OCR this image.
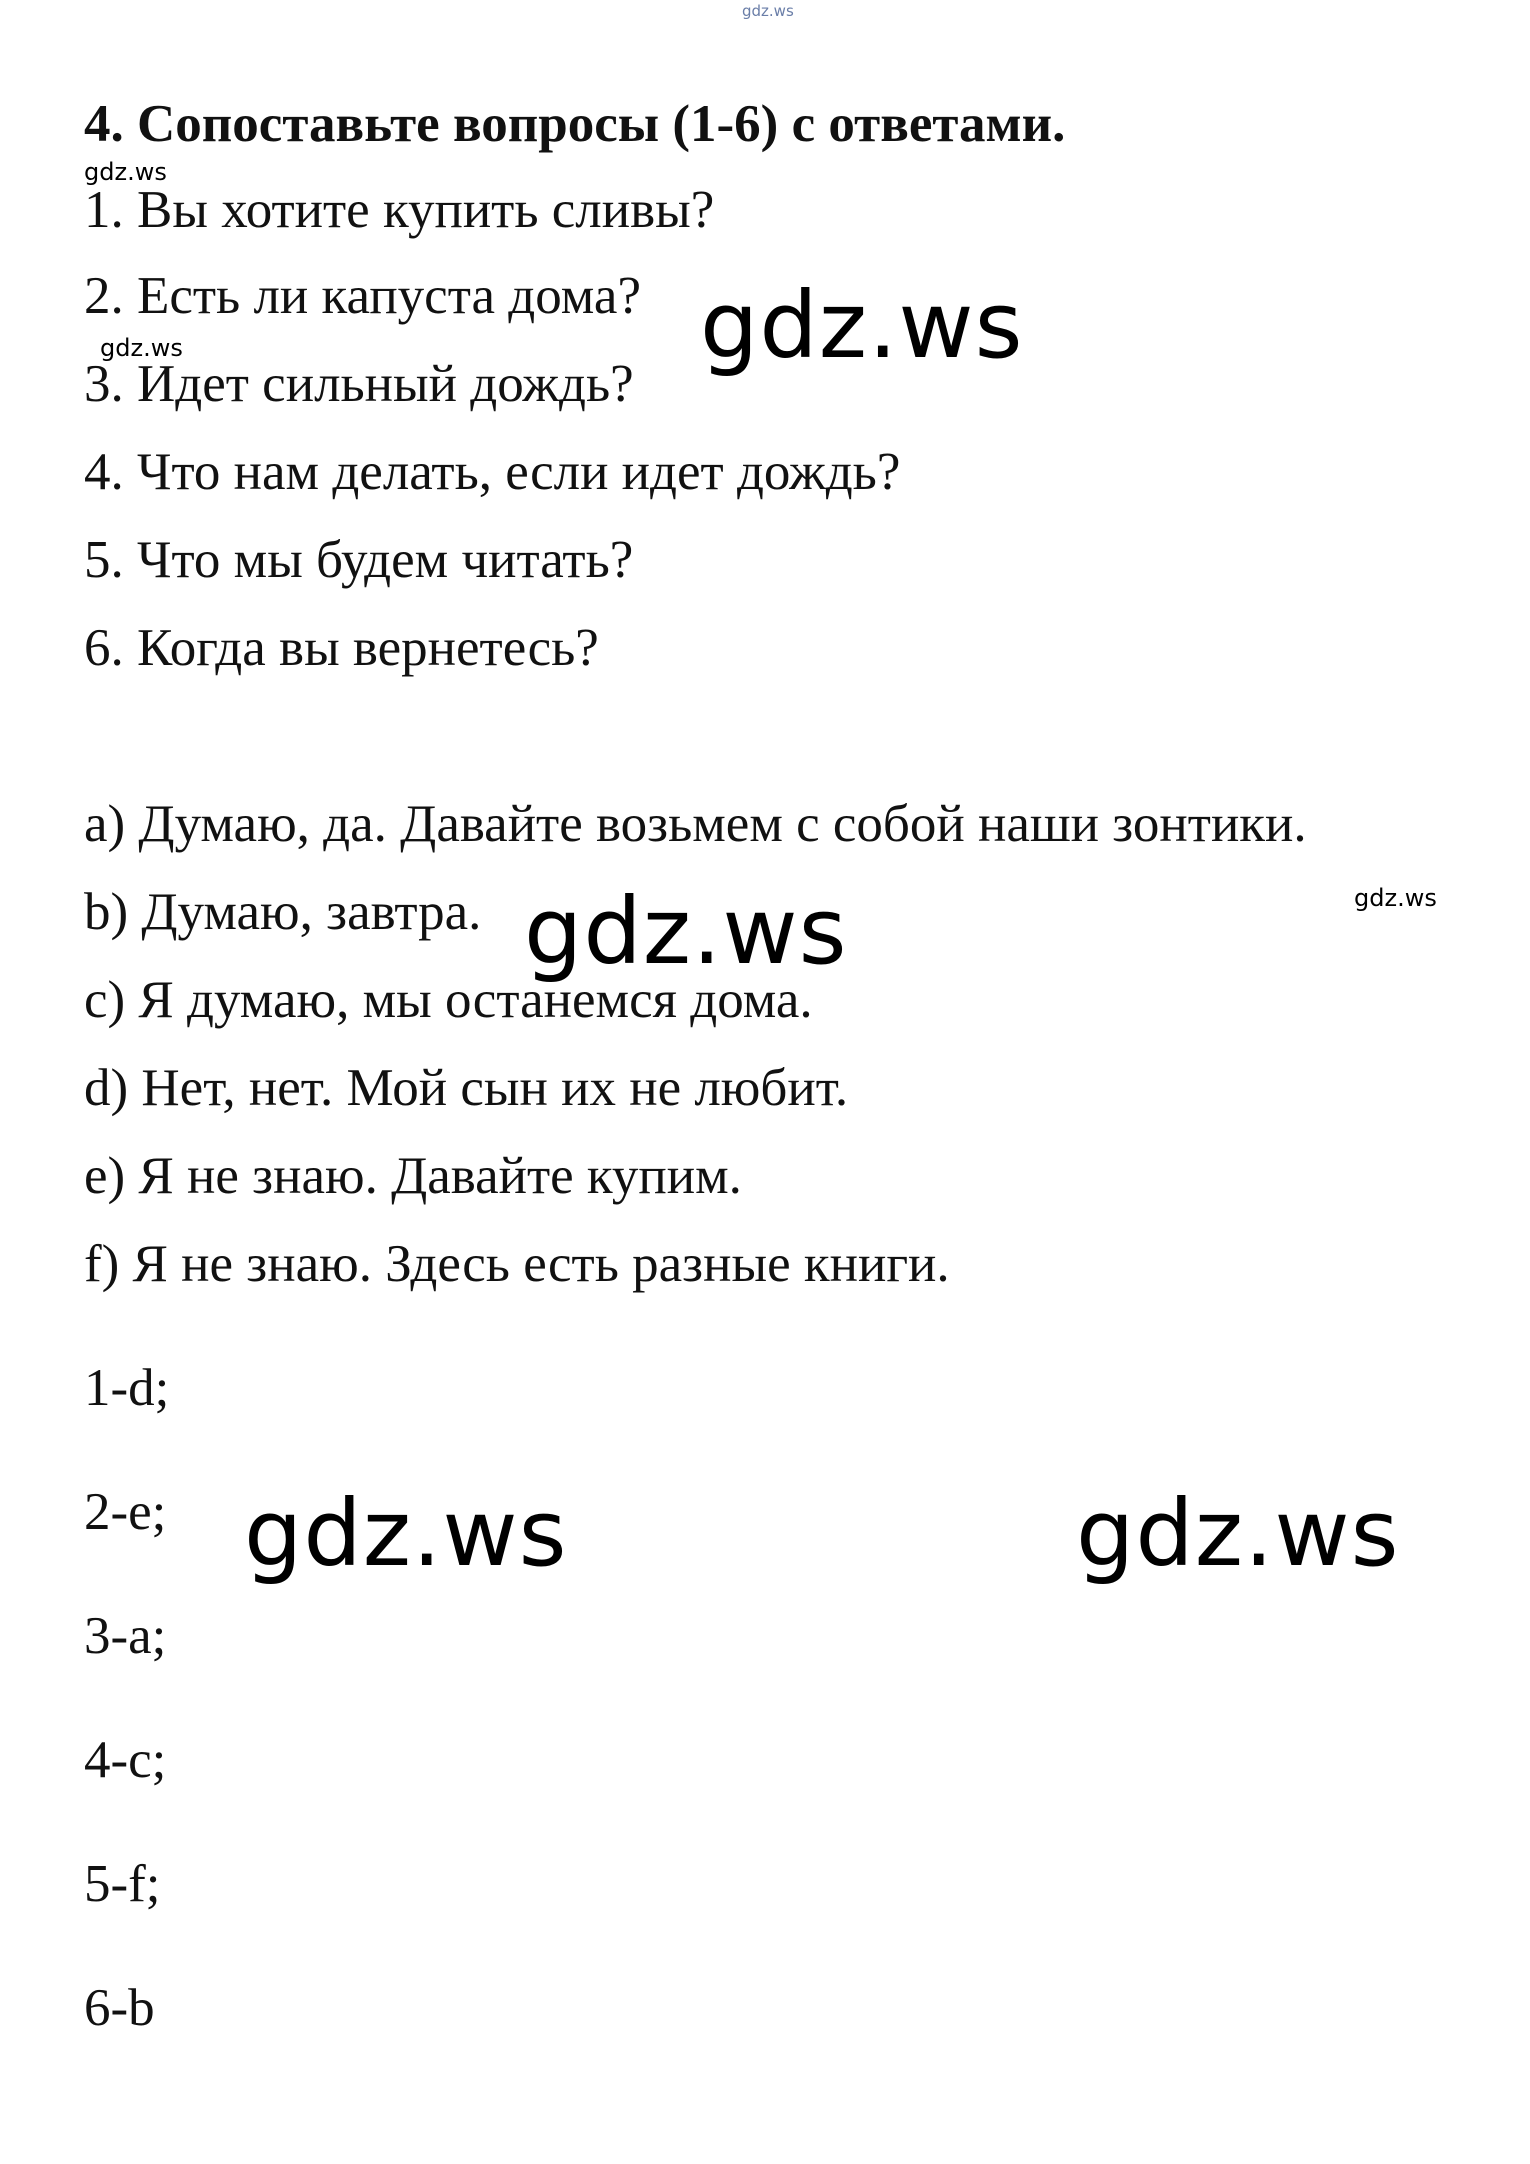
gdz.ws
4. Сопоставьте вопросы (1-6) с ответами.
1. Вы хотите купить сливы?
2. Есть ли капуста дома?
3. Идет сильный дождь?
4. Что нам делать, если идет дождь?
5. Что мы будем читать?
6. Когда вы вернетесь?
a) Думаю, да. Давайте возьмем с собой наши зонтики.
b) Думаю, завтра.
c) Я думаю, мы останемся дома.
d) Нет, нет. Мой сын их не любит.
e) Я не знаю. Давайте купим.
f) Я не знаю. Здесь есть разные книги.
1-d;
2-e;
3-a;
4-c;
5-f;
6-b
gdz.ws
gdz.ws
gdz.ws
gdz.ws
gdz.ws
gdz.ws	gdz.ws
